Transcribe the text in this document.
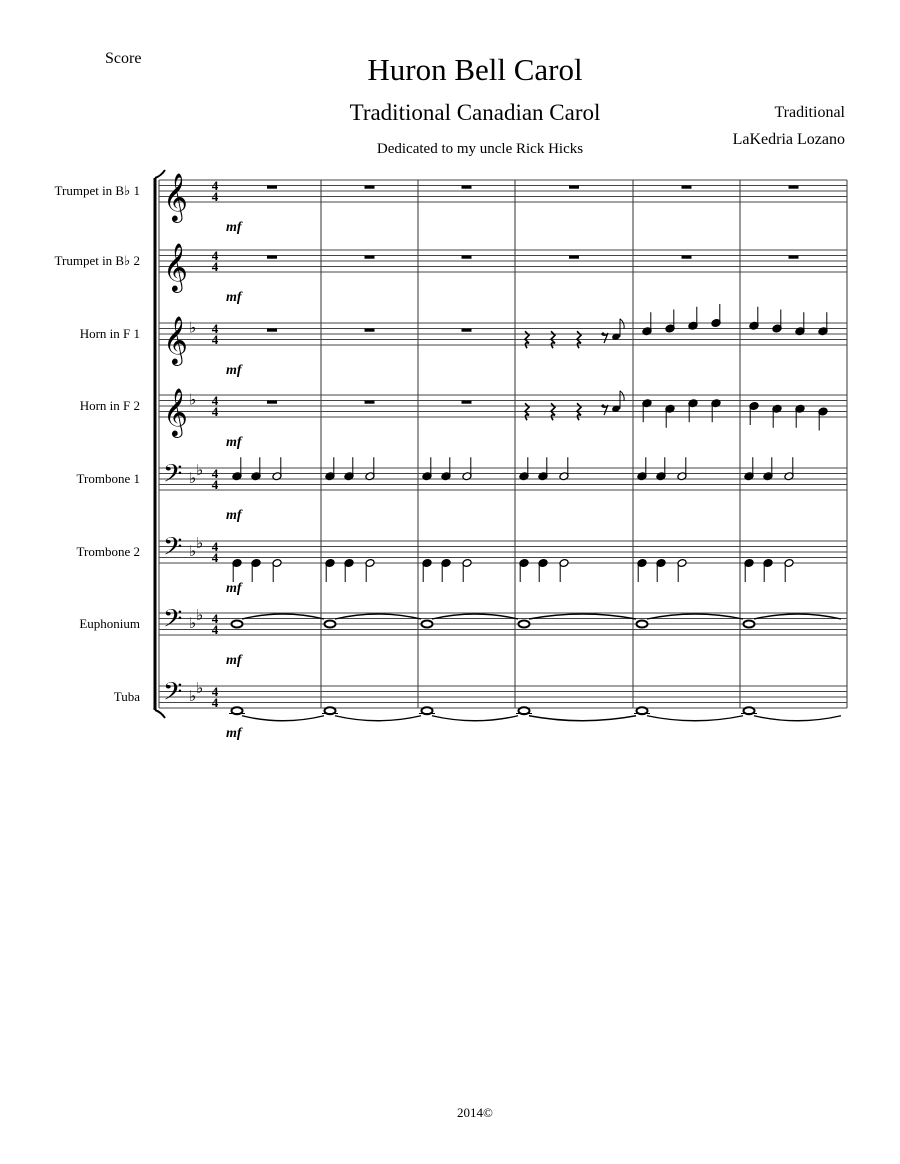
Score	Huron Bell Carol
Traditional Canadian Carol
Dedicated to my uncle Rick Hicks
Traditional
LaKedria Lozano
2014©
Trumpet in B♭ 1 𝄞 4
4
mf
Trumpet in B♭ 2 𝄞 4
4
mf
Horn in F 1 𝄞 ♭ 4
4
mf
Horn in F 2 𝄞 ♭ 4
4
mf
Trombone 1 𝄢 ♭ ♭ 4
4
mf
Trombone 2 𝄢 ♭ ♭ 4
4
mf
Euphonium 𝄢 ♭ ♭ 4
4
mf
Tuba 𝄢 ♭ ♭ 4
4
mf
